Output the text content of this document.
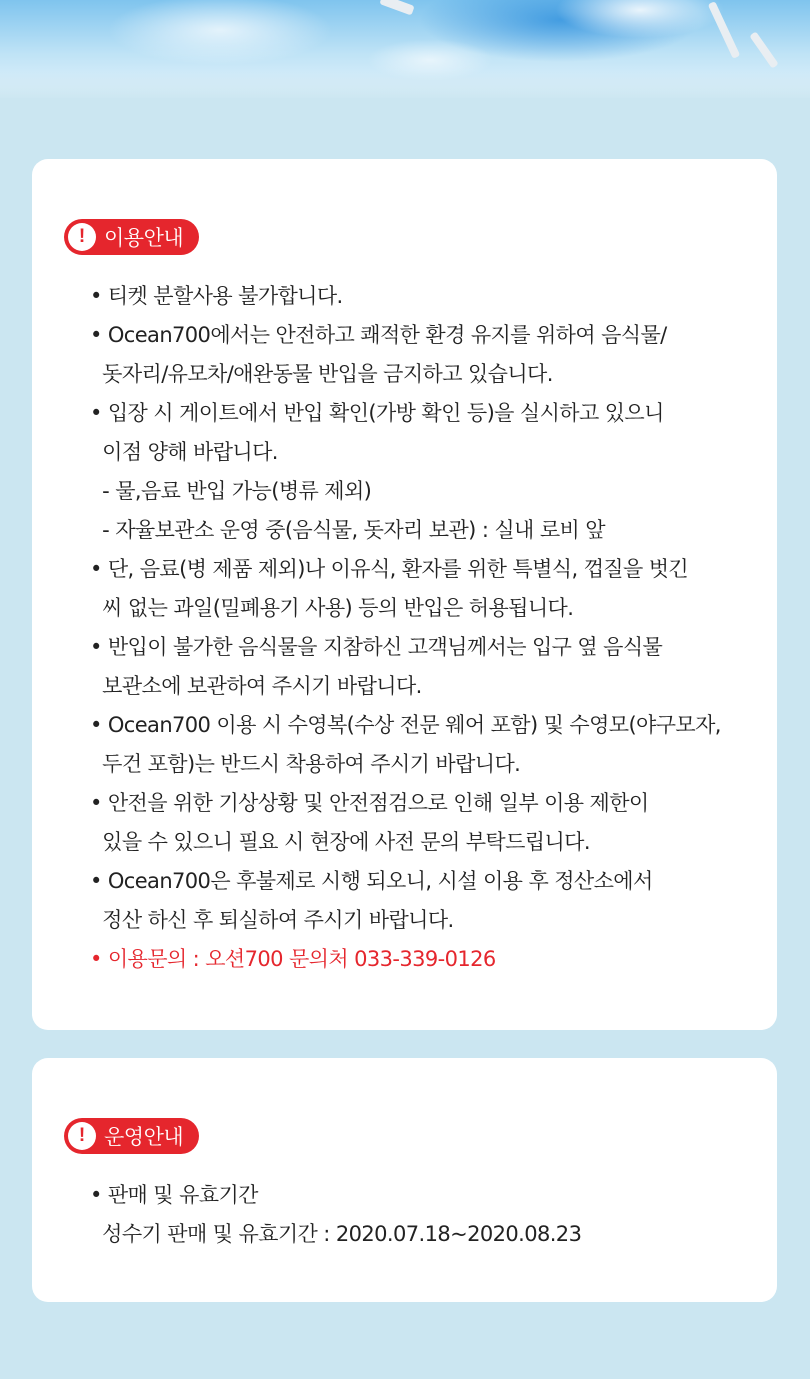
! 이용안내
• 티켓 분할사용 불가합니다.
• Ocean700에서는 안전하고 쾌적한 환경 유지를 위하여 음식물/
돗자리/유모차/애완동물 반입을 금지하고 있습니다.
• 입장 시 게이트에서 반입 확인(가방 확인 등)을 실시하고 있으니
이점 양해 바랍니다.
- 물,음료 반입 가능(병류 제외)
- 자율보관소 운영 중(음식물, 돗자리 보관) : 실내 로비 앞
• 단, 음료(병 제품 제외)나 이유식, 환자를 위한 특별식, 껍질을 벗긴
씨 없는 과일(밀폐용기 사용) 등의 반입은 허용됩니다.
• 반입이 불가한 음식물을 지참하신 고객님께서는 입구 옆 음식물
보관소에 보관하여 주시기 바랍니다.
• Ocean700 이용 시 수영복(수상 전문 웨어 포함) 및 수영모(야구모자,
두건 포함)는 반드시 착용하여 주시기 바랍니다.
• 안전을 위한 기상상황 및 안전점검으로 인해 일부 이용 제한이
있을 수 있으니 필요 시 현장에 사전 문의 부탁드립니다.
• Ocean700은 후불제로 시행 되오니, 시설 이용 후 정산소에서
정산 하신 후 퇴실하여 주시기 바랍니다.
• 이용문의 : 오션700 문의처 033-339-0126
! 운영안내
• 판매 및 유효기간
성수기 판매 및 유효기간 : 2020.07.18~2020.08.23
